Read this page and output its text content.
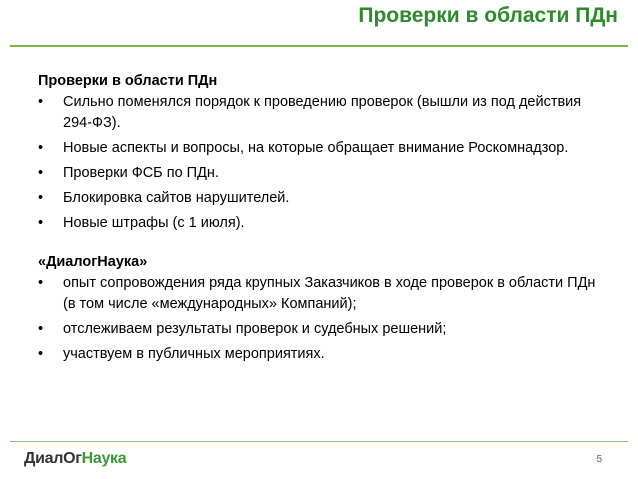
Проверки в области ПДн
Проверки в области ПДн
• Сильно поменялся порядок к проведению проверок (вышли из под действия 294-ФЗ).
• Новые аспекты и вопросы, на которые обращает внимание Роскомнадзор.
• Проверки ФСБ по ПДн.
• Блокировка сайтов нарушителей.
• Новые штрафы (с 1 июля).
«ДиалогНаука»
• опыт сопровождения ряда крупных Заказчиков в ходе проверок в области ПДн (в том числе «международных» Компаний);
• отслеживаем результаты проверок и судебных решений;
• участвуем в публичных мероприятиях.
ДиалОгНаука	5
